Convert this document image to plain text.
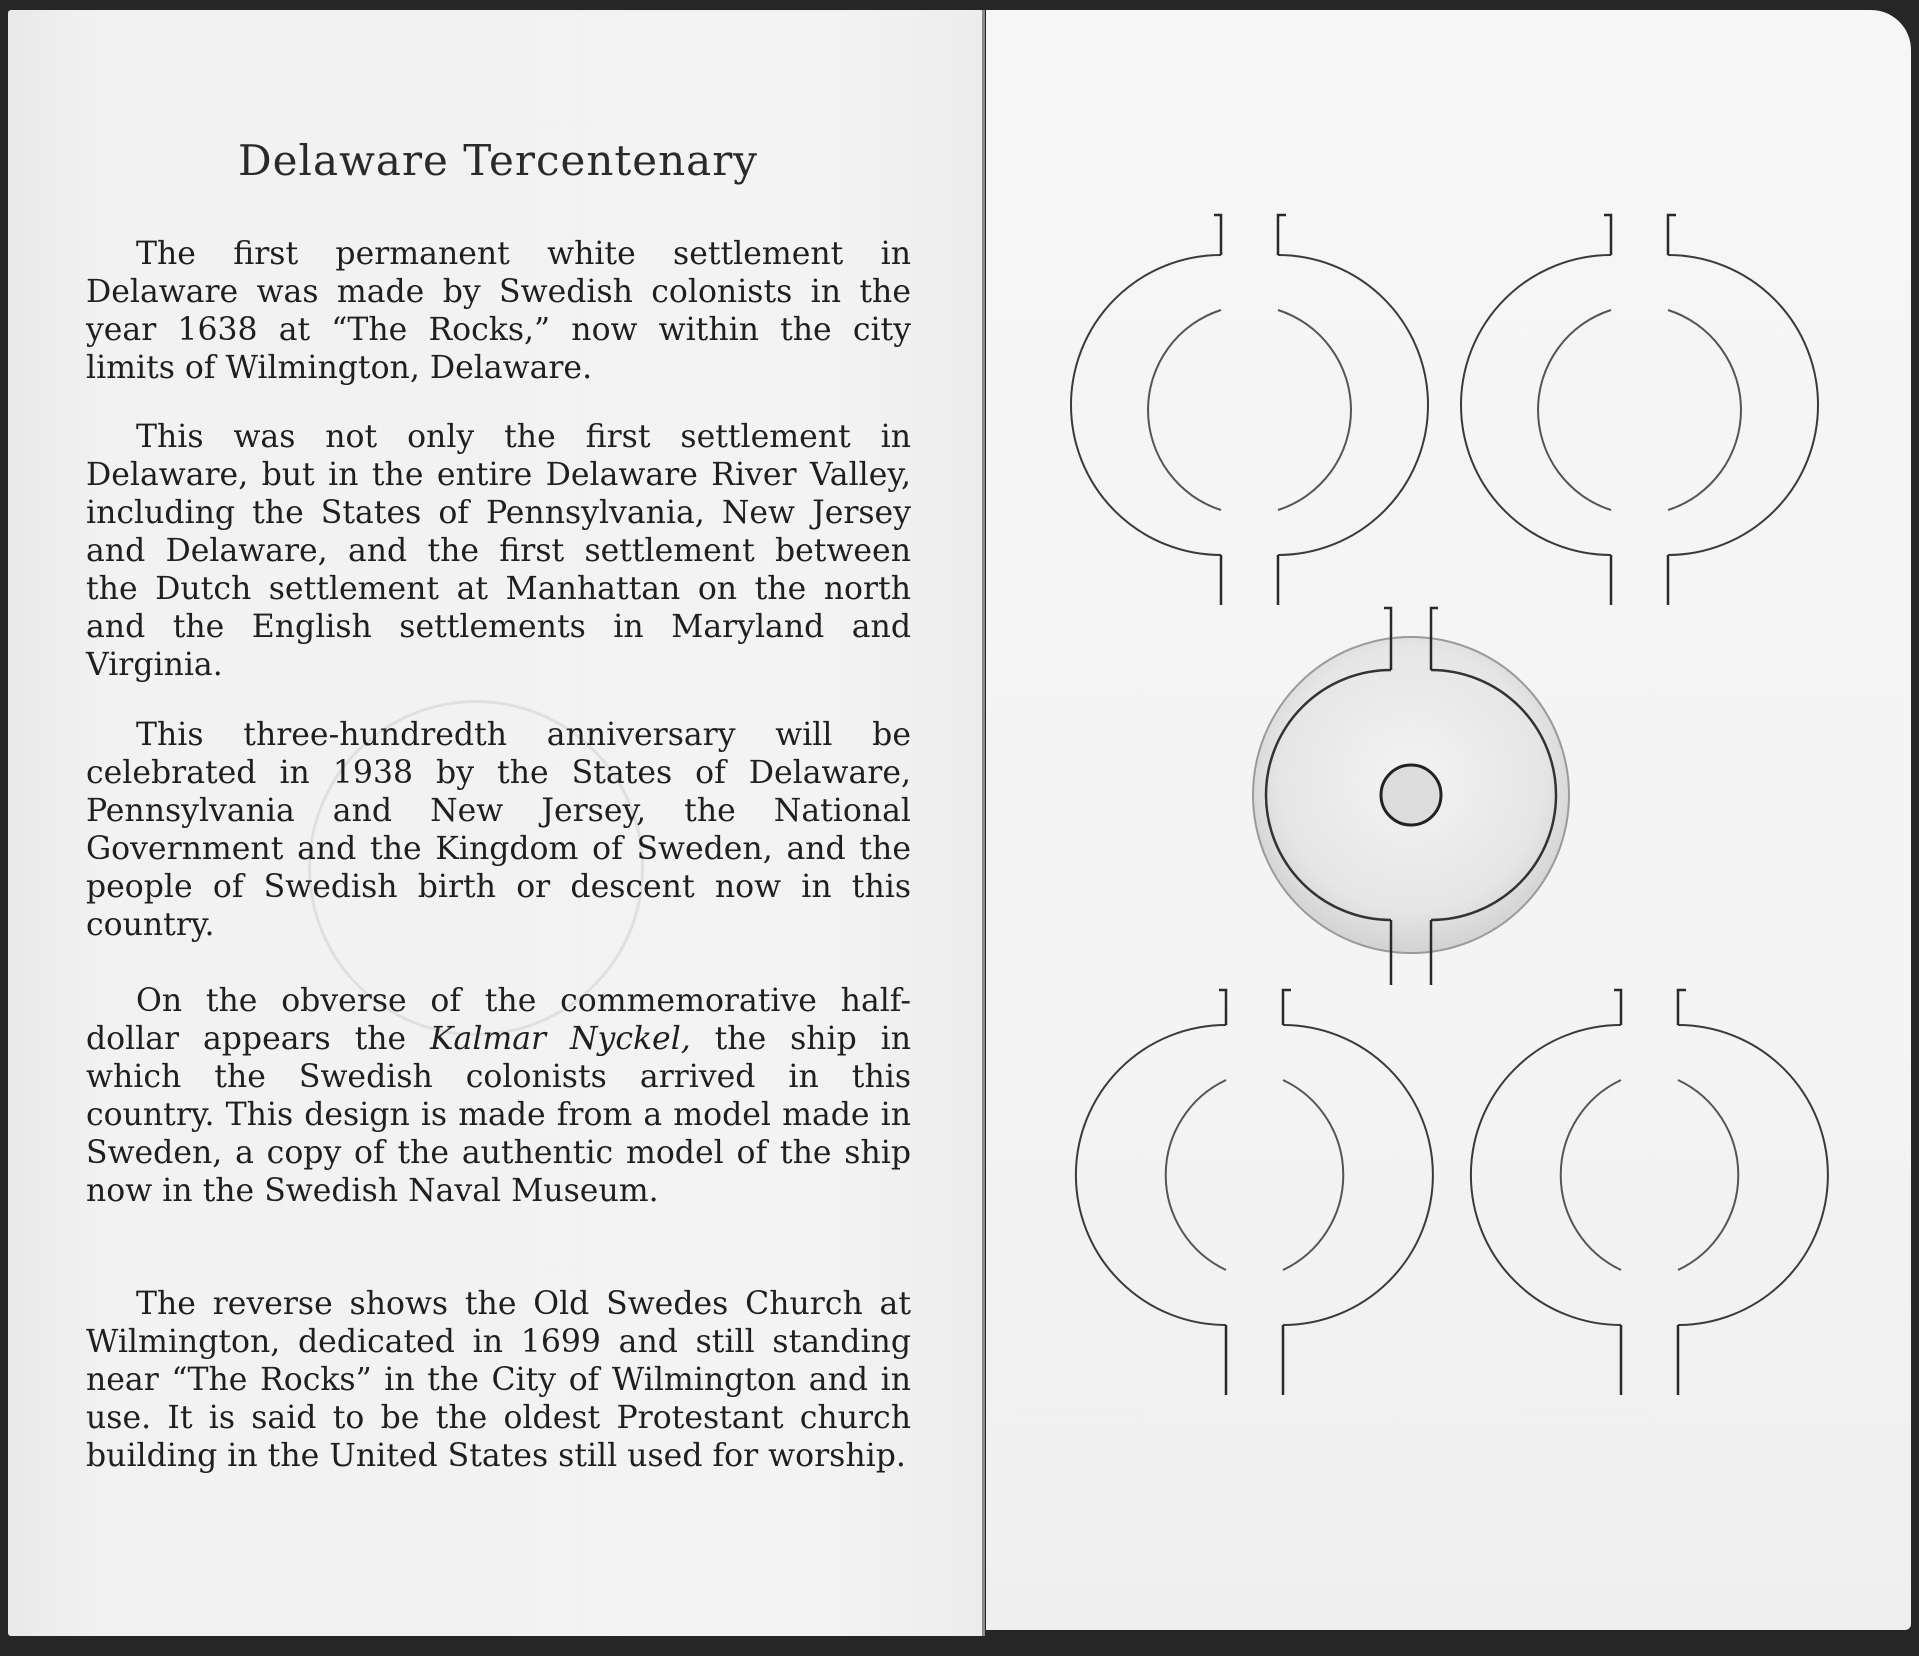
Delaware Tercentenary

The first permanent white settlement in Delaware was made by Swedish colonists in the year 1638 at “The Rocks,” now within the city limits of Wilmington, Delaware.

This was not only the first settlement in Delaware, but in the entire Delaware River Valley, including the States of Pennsylvania, New Jersey and Delaware, and the first settlement between the Dutch settlement at Manhattan on the north and the English settlements in Maryland and Virginia.

This three-hundredth anniversary will be celebrated in 1938 by the States of Delaware, Pennsylvania and New Jersey, the National Government and the Kingdom of Sweden, and the people of Swedish birth or descent now in this country.

On the obverse of the commemorative half-dollar appears the Kalmar Nyckel, the ship in which the Swedish colonists arrived in this country. This design is made from a model made in Sweden, a copy of the authentic model of the ship now in the Swedish Naval Museum.

The reverse shows the Old Swedes Church at Wilmington, dedicated in 1699 and still standing near “The Rocks” in the City of Wilmington and in use. It is said to be the oldest Protestant church building in the United States still used for worship.
